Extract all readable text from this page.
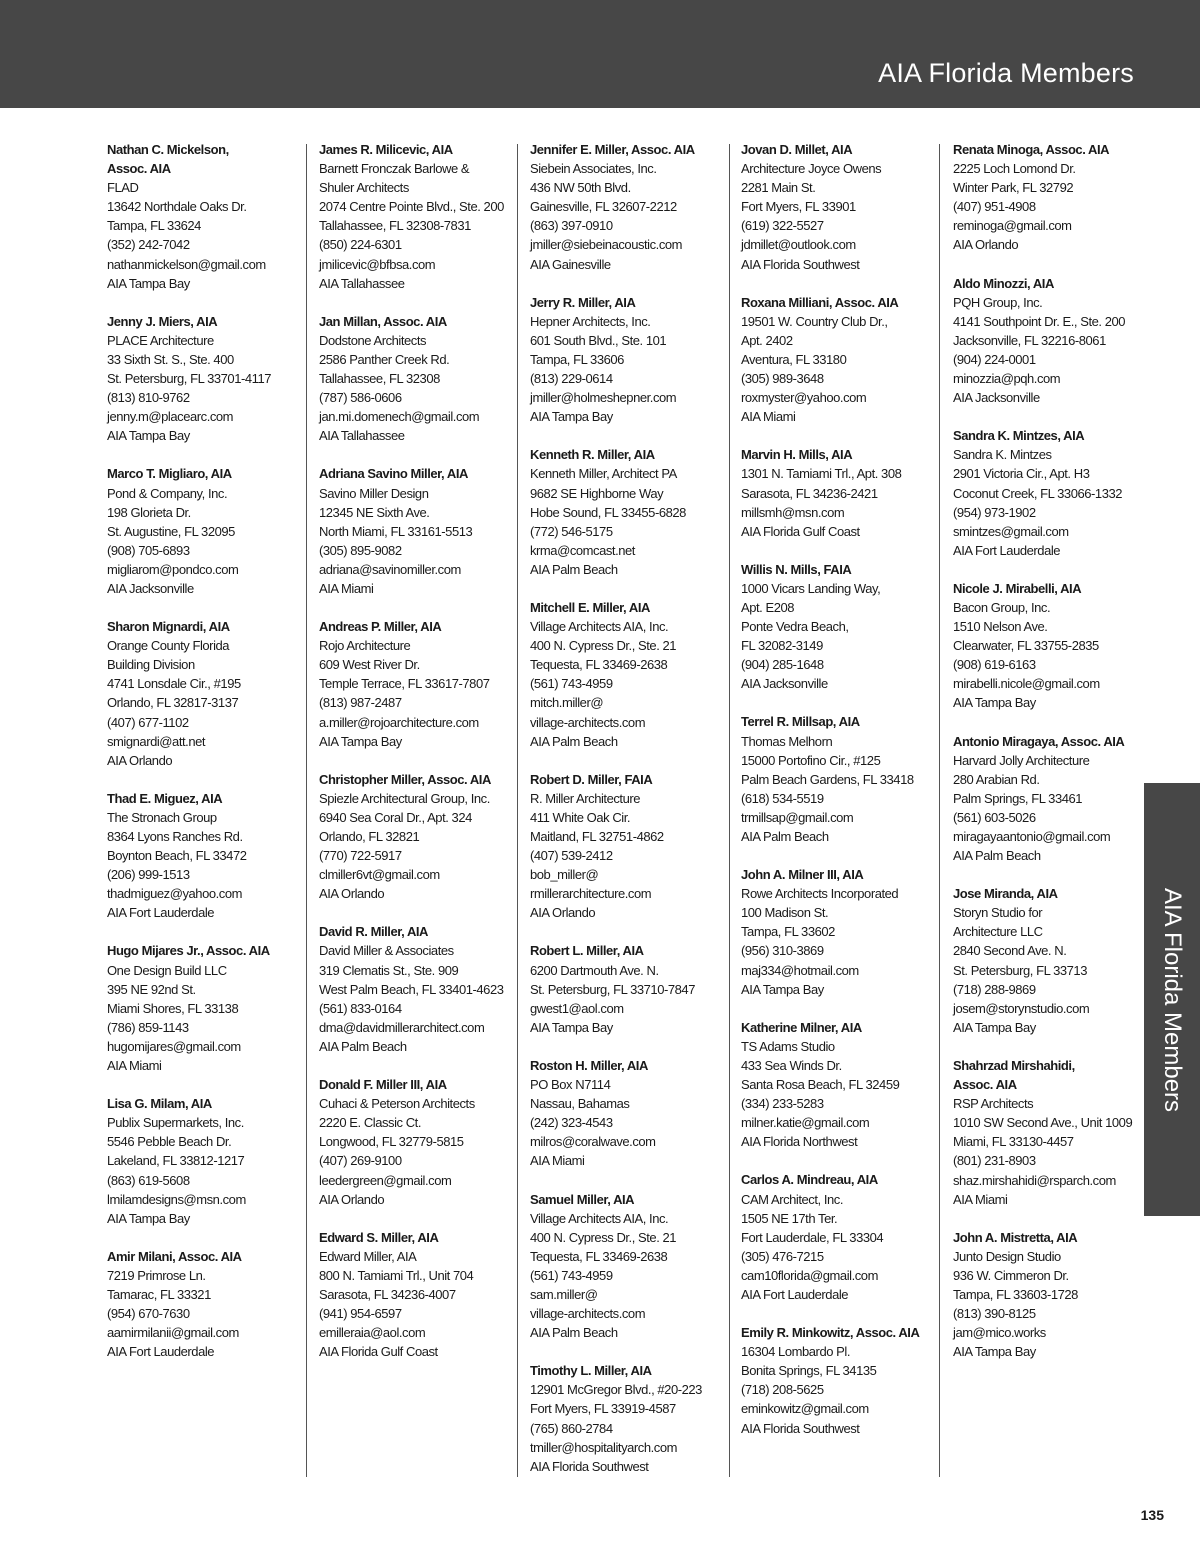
AIA Florida Members
AIA Florida Members
Nathan C. Mickelson,
Assoc. AIA
FLAD
13642 Northdale Oaks Dr.
Tampa, FL 33624
(352) 242-7042
nathanmickelson@gmail.com
AIA Tampa Bay
Jenny J. Miers, AIA
PLACE Architecture
33 Sixth St. S., Ste. 400
St. Petersburg, FL 33701-4117
(813) 810-9762
jenny.m@placearc.com
AIA Tampa Bay
Marco T. Migliaro, AIA
Pond & Company, Inc.
198 Glorieta Dr.
St. Augustine, FL 32095
(908) 705-6893
migliarom@pondco.com
AIA Jacksonville
Sharon Mignardi, AIA
Orange County Florida
Building Division
4741 Lonsdale Cir., #195
Orlando, FL 32817-3137
(407) 677-1102
smignardi@att.net
AIA Orlando
Thad E. Miguez, AIA
The Stronach Group
8364 Lyons Ranches Rd.
Boynton Beach, FL 33472
(206) 999-1513
thadmiguez@yahoo.com
AIA Fort Lauderdale
Hugo Mijares Jr., Assoc. AIA
One Design Build LLC
395 NE 92nd St.
Miami Shores, FL 33138
(786) 859-1143
hugomijares@gmail.com
AIA Miami
Lisa G. Milam, AIA
Publix Supermarkets, Inc.
5546 Pebble Beach Dr.
Lakeland, FL 33812-1217
(863) 619-5608
lmilamdesigns@msn.com
AIA Tampa Bay
Amir Milani, Assoc. AIA
7219 Primrose Ln.
Tamarac, FL 33321
(954) 670-7630
aamirmilanii@gmail.com
AIA Fort Lauderdale
James R. Milicevic, AIA
Barnett Fronczak Barlowe &
Shuler Architects
2074 Centre Pointe Blvd., Ste. 200
Tallahassee, FL 32308-7831
(850) 224-6301
jmilicevic@bfbsa.com
AIA Tallahassee
Jan Millan, Assoc. AIA
Dodstone Architects
2586 Panther Creek Rd.
Tallahassee, FL 32308
(787) 586-0606
jan.mi.domenech@gmail.com
AIA Tallahassee
Adriana Savino Miller, AIA
Savino Miller Design
12345 NE Sixth Ave.
North Miami, FL 33161-5513
(305) 895-9082
adriana@savinomiller.com
AIA Miami
Andreas P. Miller, AIA
Rojo Architecture
609 West River Dr.
Temple Terrace, FL 33617-7807
(813) 987-2487
a.miller@rojoarchitecture.com
AIA Tampa Bay
Christopher Miller, Assoc. AIA
Spiezle Architectural Group, Inc.
6940 Sea Coral Dr., Apt. 324
Orlando, FL 32821
(770) 722-5917
clmiller6vt@gmail.com
AIA Orlando
David R. Miller, AIA
David Miller & Associates
319 Clematis St., Ste. 909
West Palm Beach, FL 33401-4623
(561) 833-0164
dma@davidmillerarchitect.com
AIA Palm Beach
Donald F. Miller III, AIA
Cuhaci & Peterson Architects
2220 E. Classic Ct.
Longwood, FL 32779-5815
(407) 269-9100
leedergreen@gmail.com
AIA Orlando
Edward S. Miller, AIA
Edward Miller, AIA
800 N. Tamiami Trl., Unit 704
Sarasota, FL 34236-4007
(941) 954-6597
emilleraia@aol.com
AIA Florida Gulf Coast
Jennifer E. Miller, Assoc. AIA
Siebein Associates, Inc.
436 NW 50th Blvd.
Gainesville, FL 32607-2212
(863) 397-0910
jmiller@siebeinacoustic.com
AIA Gainesville
Jerry R. Miller, AIA
Hepner Architects, Inc.
601 South Blvd., Ste. 101
Tampa, FL 33606
(813) 229-0614
jmiller@holmeshepner.com
AIA Tampa Bay
Kenneth R. Miller, AIA
Kenneth Miller, Architect PA
9682 SE Highborne Way
Hobe Sound, FL 33455-6828
(772) 546-5175
krma@comcast.net
AIA Palm Beach
Mitchell E. Miller, AIA
Village Architects AIA, Inc.
400 N. Cypress Dr., Ste. 21
Tequesta, FL 33469-2638
(561) 743-4959
mitch.miller@
village-architects.com
AIA Palm Beach
Robert D. Miller, FAIA
R. Miller Architecture
411 White Oak Cir.
Maitland, FL 32751-4862
(407) 539-2412
bob_miller@
rmillerarchitecture.com
AIA Orlando
Robert L. Miller, AIA
6200 Dartmouth Ave. N.
St. Petersburg, FL 33710-7847
gwest1@aol.com
AIA Tampa Bay
Roston H. Miller, AIA
PO Box N7114
Nassau, Bahamas
(242) 323-4543
milros@coralwave.com
AIA Miami
Samuel Miller, AIA
Village Architects AIA, Inc.
400 N. Cypress Dr., Ste. 21
Tequesta, FL 33469-2638
(561) 743-4959
sam.miller@
village-architects.com
AIA Palm Beach
Timothy L. Miller, AIA
12901 McGregor Blvd., #20-223
Fort Myers, FL 33919-4587
(765) 860-2784
tmiller@hospitalityarch.com
AIA Florida Southwest
Jovan D. Millet, AIA
Architecture Joyce Owens
2281 Main St.
Fort Myers, FL 33901
(619) 322-5527
jdmillet@outlook.com
AIA Florida Southwest
Roxana Milliani, Assoc. AIA
19501 W. Country Club Dr.,
Apt. 2402
Aventura, FL 33180
(305) 989-3648
roxmyster@yahoo.com
AIA Miami
Marvin H. Mills, AIA
1301 N. Tamiami Trl., Apt. 308
Sarasota, FL 34236-2421
millsmh@msn.com
AIA Florida Gulf Coast
Willis N. Mills, FAIA
1000 Vicars Landing Way,
Apt. E208
Ponte Vedra Beach,
FL 32082-3149
(904) 285-1648
AIA Jacksonville
Terrel R. Millsap, AIA
Thomas Melhorn
15000 Portofino Cir., #125
Palm Beach Gardens, FL 33418
(618) 534-5519
trmillsap@gmail.com
AIA Palm Beach
John A. Milner III, AIA
Rowe Architects Incorporated
100 Madison St.
Tampa, FL 33602
(956) 310-3869
maj334@hotmail.com
AIA Tampa Bay
Katherine Milner, AIA
TS Adams Studio
433 Sea Winds Dr.
Santa Rosa Beach, FL 32459
(334) 233-5283
milner.katie@gmail.com
AIA Florida Northwest
Carlos A. Mindreau, AIA
CAM Architect, Inc.
1505 NE 17th Ter.
Fort Lauderdale, FL 33304
(305) 476-7215
cam10florida@gmail.com
AIA Fort Lauderdale
Emily R. Minkowitz, Assoc. AIA
16304 Lombardo Pl.
Bonita Springs, FL 34135
(718) 208-5625
eminkowitz@gmail.com
AIA Florida Southwest
Renata Minoga, Assoc. AIA
2225 Loch Lomond Dr.
Winter Park, FL 32792
(407) 951-4908
reminoga@gmail.com
AIA Orlando
Aldo Minozzi, AIA
PQH Group, Inc.
4141 Southpoint Dr. E., Ste. 200
Jacksonville, FL 32216-8061
(904) 224-0001
minozzia@pqh.com
AIA Jacksonville
Sandra K. Mintzes, AIA
Sandra K. Mintzes
2901 Victoria Cir., Apt. H3
Coconut Creek, FL 33066-1332
(954) 973-1902
smintzes@gmail.com
AIA Fort Lauderdale
Nicole J. Mirabelli, AIA
Bacon Group, Inc.
1510 Nelson Ave.
Clearwater, FL 33755-2835
(908) 619-6163
mirabelli.nicole@gmail.com
AIA Tampa Bay
Antonio Miragaya, Assoc. AIA
Harvard Jolly Architecture
280 Arabian Rd.
Palm Springs, FL 33461
(561) 603-5026
miragayaantonio@gmail.com
AIA Palm Beach
Jose Miranda, AIA
Storyn Studio for
Architecture LLC
2840 Second Ave. N.
St. Petersburg, FL 33713
(718) 288-9869
josem@storynstudio.com
AIA Tampa Bay
Shahrzad Mirshahidi,
Assoc. AIA
RSP Architects
1010 SW Second Ave., Unit 1009
Miami, FL 33130-4457
(801) 231-8903
shaz.mirshahidi@rsparch.com
AIA Miami
John A. Mistretta, AIA
Junto Design Studio
936 W. Cimmeron Dr.
Tampa, FL 33603-1728
(813) 390-8125
jam@mico.works
AIA Tampa Bay
135
